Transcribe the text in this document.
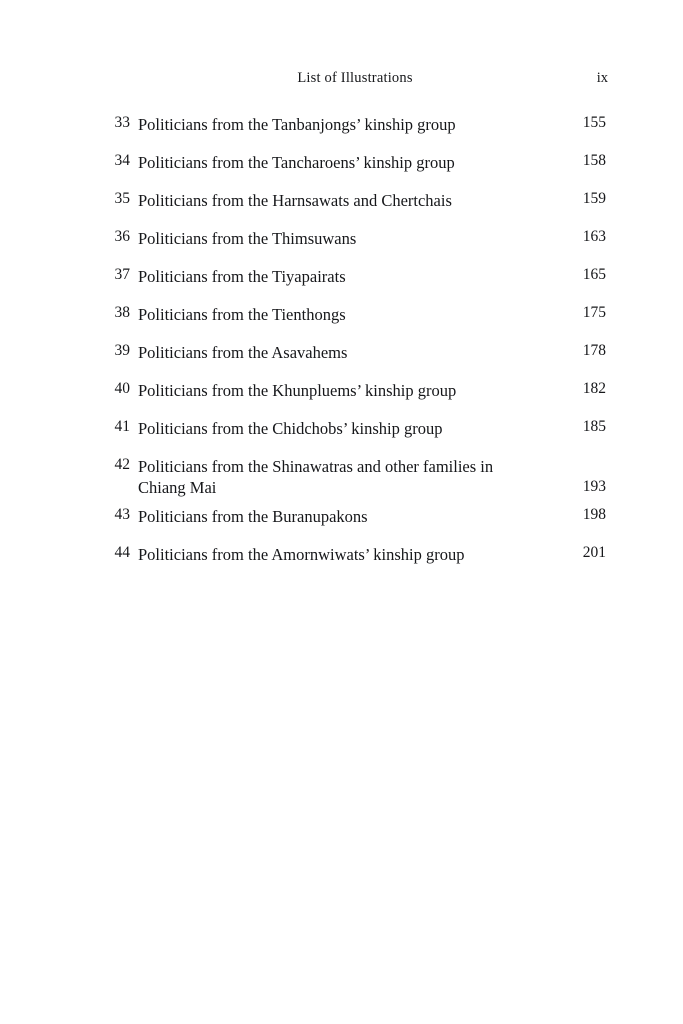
List of Illustrations	ix
33 Politicians from the Tanbanjongs’ kinship group	155
34 Politicians from the Tancharoens’ kinship group	158
35 Politicians from the Harnsawats and Chertchais	159
36 Politicians from the Thimsuwans	163
37 Politicians from the Tiyapairats	165
38 Politicians from the Tienthongs	175
39 Politicians from the Asavahems	178
40 Politicians from the Khunpluems’ kinship group	182
41 Politicians from the Chidchobs’ kinship group	185
42 Politicians from the Shinawatras and other families in Chiang Mai	193
43 Politicians from the Buranupakons	198
44 Politicians from the Amornwiwats’ kinship group	201
